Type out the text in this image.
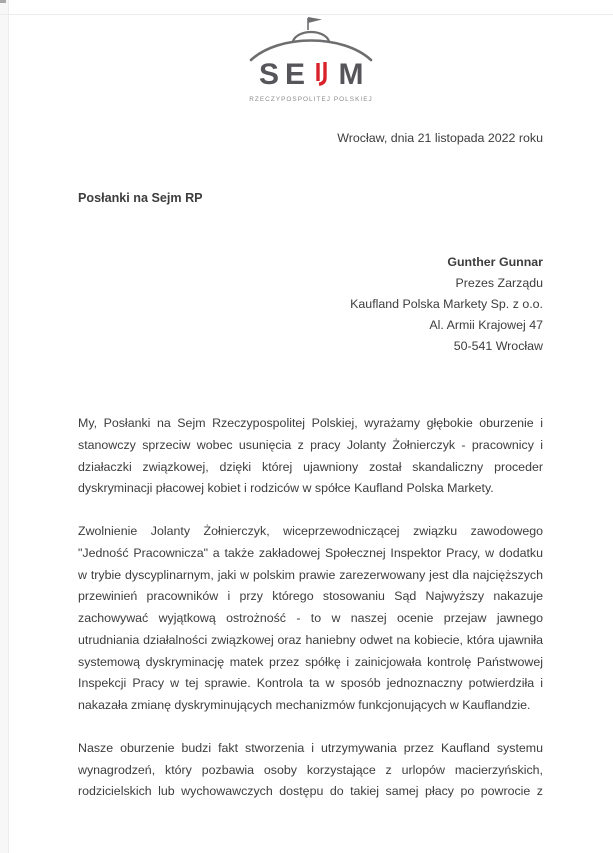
S E M
RZECZYPOSPOLITEJ POLSKIEJ
Wrocław, dnia 21 listopada 2022 roku
Posłanki na Sejm RP
Gunther Gunnar
Prezes Zarządu
Kaufland Polska Markety Sp. z o.o.
Al. Armii Krajowej 47
50-541 Wrocław

My, Posłanki na Sejm Rzeczypospolitej Polskiej, wyrażamy głębokie oburzenie i stanowczy sprzeciw wobec usunięcia z pracy Jolanty Żołnierczyk - pracownicy i działaczki związkowej, dzięki której ujawniony został skandaliczny proceder dyskryminacji płacowej kobiet i rodziców w spółce Kaufland Polska Markety.

Zwolnienie Jolanty Żołnierczyk, wiceprzewodniczącej związku zawodowego "Jedność Pracownicza" a także zakładowej Społecznej Inspektor Pracy, w dodatku w trybie dyscyplinarnym, jaki w polskim prawie zarezerwowany jest dla najcięższych przewinień pracowników i przy którego stosowaniu Sąd Najwyższy nakazuje zachowywać wyjątkową ostrożność - to w naszej ocenie przejaw jawnego utrudniania działalności związkowej oraz haniebny odwet na kobiecie, która ujawniła systemową dyskryminację matek przez spółkę i zainicjowała kontrolę Państwowej Inspekcji Pracy w tej sprawie. Kontrola ta w sposób jednoznaczny potwierdziła i nakazała zmianę dyskryminujących mechanizmów funkcjonujących w Kauflandzie.

Nasze oburzenie budzi fakt stworzenia i utrzymywania przez Kaufland systemu wynagrodzeń, który pozbawia osoby korzystające z urlopów macierzyńskich, rodzicielskich lub wychowawczych dostępu do takiej samej płacy po powrocie z
